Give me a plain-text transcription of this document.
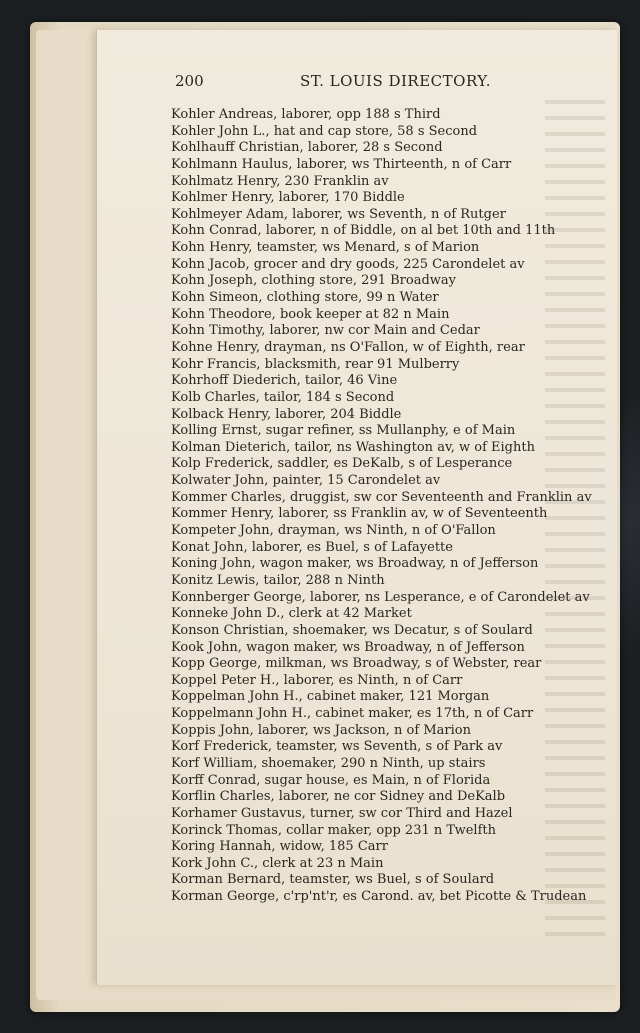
200	ST. LOUIS DIRECTORY.
Kohler Andreas, laborer, opp 188 s Third
Kohler John L., hat and cap store, 58 s Second
Kohlhauff Christian, laborer, 28 s Second
Kohlmann Haulus, laborer, ws Thirteenth, n of Carr
Kohlmatz Henry, 230 Franklin av
Kohlmer Henry, laborer, 170 Biddle
Kohlmeyer Adam, laborer, ws Seventh, n of Rutger
Kohn Conrad, laborer, n of Biddle, on al bet 10th and 11th
Kohn Henry, teamster, ws Menard, s of Marion
Kohn Jacob, grocer and dry goods, 225 Carondelet av
Kohn Joseph, clothing store, 291 Broadway
Kohn Simeon, clothing store, 99 n Water
Kohn Theodore, book keeper at 82 n Main
Kohn Timothy, laborer, nw cor Main and Cedar
Kohne Henry, drayman, ns O'Fallon, w of Eighth, rear
Kohr Francis, blacksmith, rear 91 Mulberry
Kohrhoff Diederich, tailor, 46 Vine
Kolb Charles, tailor, 184 s Second
Kolback Henry, laborer, 204 Biddle
Kolling Ernst, sugar refiner, ss Mullanphy, e of Main
Kolman Dieterich, tailor, ns Washington av, w of Eighth
Kolp Frederick, saddler, es DeKalb, s of Lesperance
Kolwater John, painter, 15 Carondelet av
Kommer Charles, druggist, sw cor Seventeenth and Franklin av
Kommer Henry, laborer, ss Franklin av, w of Seventeenth
Kompeter John, drayman, ws Ninth, n of O'Fallon
Konat John, laborer, es Buel, s of Lafayette
Koning John, wagon maker, ws Broadway, n of Jefferson
Konitz Lewis, tailor, 288 n Ninth
Konnberger George, laborer, ns Lesperance, e of Carondelet av
Konneke John D., clerk at 42 Market
Konson Christian, shoemaker, ws Decatur, s of Soulard
Kook John, wagon maker, ws Broadway, n of Jefferson
Kopp George, milkman, ws Broadway, s of Webster, rear
Koppel Peter H., laborer, es Ninth, n of Carr
Koppelman John H., cabinet maker, 121 Morgan
Koppelmann John H., cabinet maker, es 17th, n of Carr
Koppis John, laborer, ws Jackson, n of Marion
Korf Frederick, teamster, ws Seventh, s of Park av
Korf William, shoemaker, 290 n Ninth, up stairs
Korff Conrad, sugar house, es Main, n of Florida
Korflin Charles, laborer, ne cor Sidney and DeKalb
Korhamer Gustavus, turner, sw cor Third and Hazel
Korinck Thomas, collar maker, opp 231 n Twelfth
Koring Hannah, widow, 185 Carr
Kork John C., clerk at 23 n Main
Korman Bernard, teamster, ws Buel, s of Soulard
Korman George, c'rp'nt'r, es Carond. av, bet Picotte & Trudean
